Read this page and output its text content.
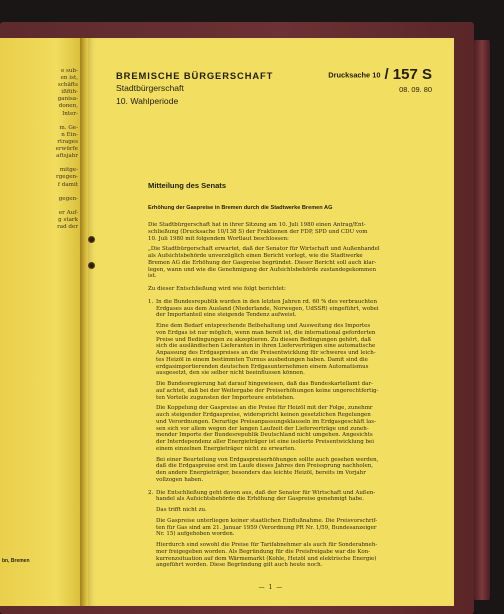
e sub-
en ist,
schäfts
ißfüh-
ganisa-
donen,
Inter-

m. Ge-
n Ein-
rtrages
erwürfe
aftsjahr

mitge-
rgegen-
f damit

gegen-

er Auf-
g stark
rad der
bn, Bremen
BREMISCHE BÜRGERSCHAFT
Stadtbürgerschaft
10. Wahlperiode
Drucksache 10 / 157 S
08. 09. 80
Mitteilung des Senats
Erhöhung der Gaspreise in Bremen durch die Stadtwerke Bremen AG

Die Stadtbürgerschaft hat in ihrer Sitzung am 10. Juli 1980 einen Antrag/Ent-
schließung (Drucksache 10/138 S) der Fraktionen der FDP, SPD und CDU vom
10. Juli 1980 mit folgendem Wortlaut beschlossen:

„Die Stadtbürgerschaft erwartet, daß der Senator für Wirtschaft und Außenhandel
als Aufsichtsbehörde unverzüglich einen Bericht vorlegt, wie die Stadtwerke
Bremen AG die Erhöhung der Gaspreise begründet. Dieser Bericht soll auch klar-
legen, wann und wie die Genehmigung der Aufsichtsbehörde zustandegekommen
ist.

Zu dieser Entschließung wird wie folgt berichtet:

1. In die Bundesrepublik wurden in den letzten Jahren rd. 60 % des verbrauchten
Erdgases aus dem Ausland (Niederlande, Norwegen, UdSSR) eingeführt, wobei
der Importanteil eine steigende Tendenz aufweist.

Eine dem Bedarf entsprechende Beibehaltung und Ausweitung des Importes
von Erdgas ist nur möglich, wenn man bereit ist, die international geforderten
Preise und Bedingungen zu akzeptieren. Zu diesen Bedingungen gehört, daß
sich die ausländischen Lieferanten in ihren Lieferverträgen eine automatische
Anpassung des Erdgaspreises an die Preisentwicklung für schweres und leich-
tes Heizöl in einem bestimmten Turnus ausbedungen haben. Damit sind die
erdgasimportierenden deutschen Erdgasunternehmen einem Automatismus
ausgesetzt, den sie selber nicht beeinflussen können.

Die Bundesregierung hat darauf hingewiesen, daß das Bundeskartellamt dar-
auf achtet, daß bei der Weitergabe der Preiserhöhungen keine ungerechtfertig-
ten Vorteile zugunsten der Importeure entstehen.

Die Koppelung der Gaspreise an die Preise für Heizöl mit der Folge, zunehmr
auch steigender Erdgaspreise, widerspricht keinen gesetzlichen Regelungen
und Verordnungen. Derartige Preisanpassungsklauseln im Erdgasgeschäft las-
sen sich vor allem wegen der langen Laufzeit der Lieferverträge und zuneh-
mender Importe der Bundesrepublik Deutschland nicht umgehen. Angesichts
der Interdependenz aller Energieträger ist eine isolierte Preisentwicklung bei
einem einzelnen Energieträger nicht zu erwarten.

Bei einer Beurteilung von Erdgaspreiserhöhungen sollte auch gesehen werden,
daß die Erdgaspreise erst im Laufe dieses Jahres den Preissprung nachholen,
den andere Energieträger, besonders das leichte Heizöl, bereits im Vorjahr
vollzogen haben.

2. Die Entschließung geht davon aus, daß der Senator für Wirtschaft und Außen-
handel als Aufsichtsbehörde die Erhöhung der Gaspreise genehmigt habe.

Das trifft nicht zu.

Die Gaspreise unterliegen keiner staatlichen Einflußnahme. Die Preisvorschrif-
ten für Gas sind am 21. Januar 1959 (Verordnung PR Nr. 1/59, Bundesanzeiger
Nr. 15) aufgehoben worden.

Hierdurch sind sowohl die Preise für Tarifabnehmer als auch für Sonderabneh-
mer freigegeben worden. Als Begründung für die Preisfreigabe war die Kon-
kurrenzsituation auf dem Wärmemarkt (Kohle, Heizöl und elektrische Energie)
angeführt worden. Diese Begründung gilt auch heute noch.

— 1 —
